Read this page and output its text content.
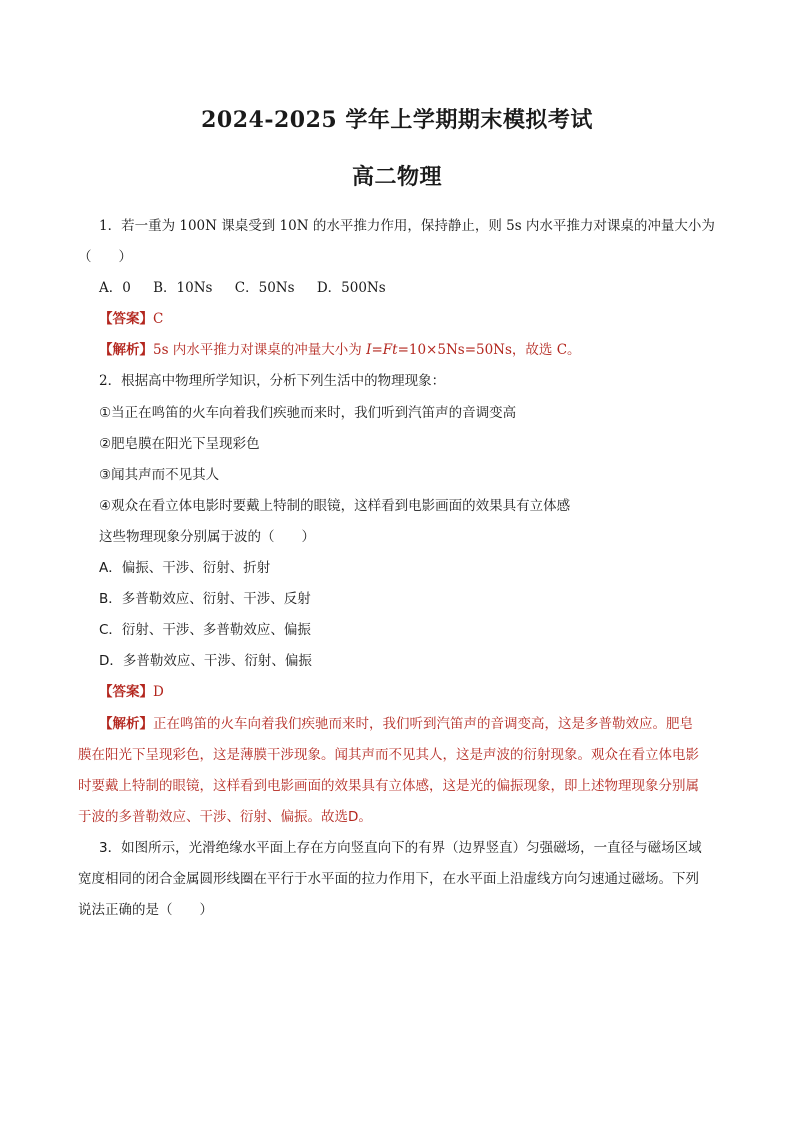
2024-2025 学年上学期期末模拟考试
高二物理
1．若一重为 100N 课桌受到 10N 的水平推力作用，保持静止，则 5s 内水平推力对课桌的冲量大小为
（　　）
A．0 B．10Ns C．50Ns D．500Ns
【答案】C
【解析】5s 内水平推力对课桌的冲量大小为 I=Ft=10×5Ns=50Ns，故选 C。
2．根据高中物理所学知识，分析下列生活中的物理现象：
①当正在鸣笛的火车向着我们疾驰而来时，我们听到汽笛声的音调变高
②肥皂膜在阳光下呈现彩色
③闻其声而不见其人
④观众在看立体电影时要戴上特制的眼镜，这样看到电影画面的效果具有立体感
这些物理现象分别属于波的（　　）
A．偏振、干涉、衍射、折射
B．多普勒效应、衍射、干涉、反射
C．衍射、干涉、多普勒效应、偏振
D．多普勒效应、干涉、衍射、偏振
【答案】D
【解析】正在鸣笛的火车向着我们疾驰而来时，我们听到汽笛声的音调变高，这是多普勒效应。肥皂
膜在阳光下呈现彩色，这是薄膜干涉现象。闻其声而不见其人，这是声波的衍射现象。观众在看立体电影
时要戴上特制的眼镜，这样看到电影画面的效果具有立体感，这是光的偏振现象，即上述物理现象分别属
于波的多普勒效应、干涉、衍射、偏振。故选D。
3．如图所示，光滑绝缘水平面上存在方向竖直向下的有界（边界竖直）匀强磁场，一直径与磁场区域
宽度相同的闭合金属圆形线圈在平行于水平面的拉力作用下，在水平面上沿虚线方向匀速通过磁场。下列
说法正确的是（　　）
